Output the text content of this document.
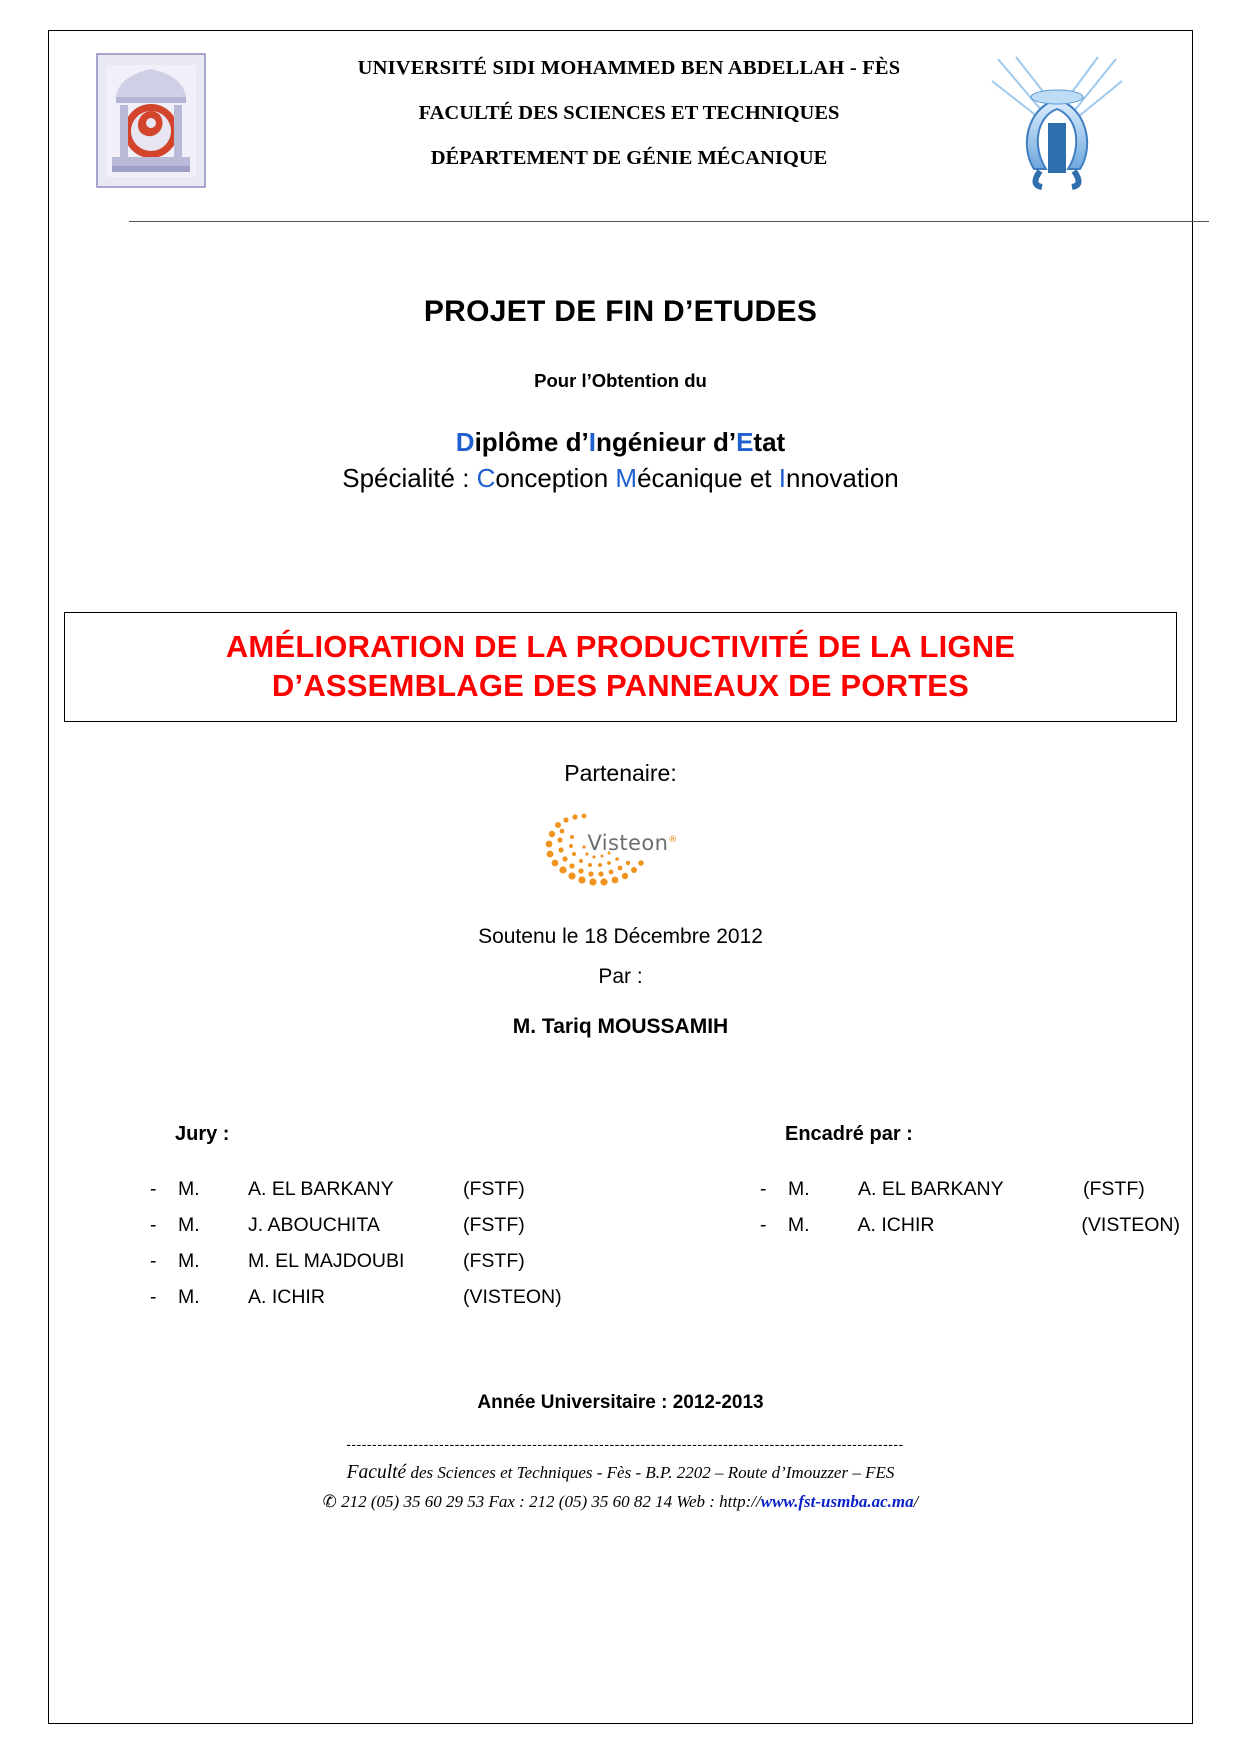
UNIVERSITÉ SIDI MOHAMMED BEN ABDELLAH - FÈS
FACULTÉ DES SCIENCES ET TECHNIQUES
DÉPARTEMENT DE GÉNIE MÉCANIQUE
PROJET DE FIN D’ETUDES
Pour l’Obtention du
Diplôme d’Ingénieur d’Etat
Spécialité : Conception Mécanique et Innovation
AMÉLIORATION DE LA PRODUCTIVITÉ DE LA LIGNE
D’ASSEMBLAGE DES PANNEAUX DE PORTES
Partenaire:
Visteon®
Soutenu le 18 Décembre 2012
Par :
M. Tariq MOUSSAMIH
Jury :
-	M.	A. EL BARKANY	(FSTF)
-	M.	J. ABOUCHITA	(FSTF)
-	M.	M. EL MAJDOUBI	(FSTF)
-	M.	A. ICHIR	(VISTEON)
Encadré par :
-	M.	A. EL BARKANY	(FSTF)
-	M.	A. ICHIR	(VISTEON)
Année Universitaire : 2012-2013
------------------------------------------------------------------------------------------------------------
Faculté des Sciences et Techniques - Fès - B.P. 2202 – Route d’Imouzzer – FES
✆ 212 (05) 35 60 29 53 Fax : 212 (05) 35 60 82 14 Web : http://www.fst-usmba.ac.ma/
